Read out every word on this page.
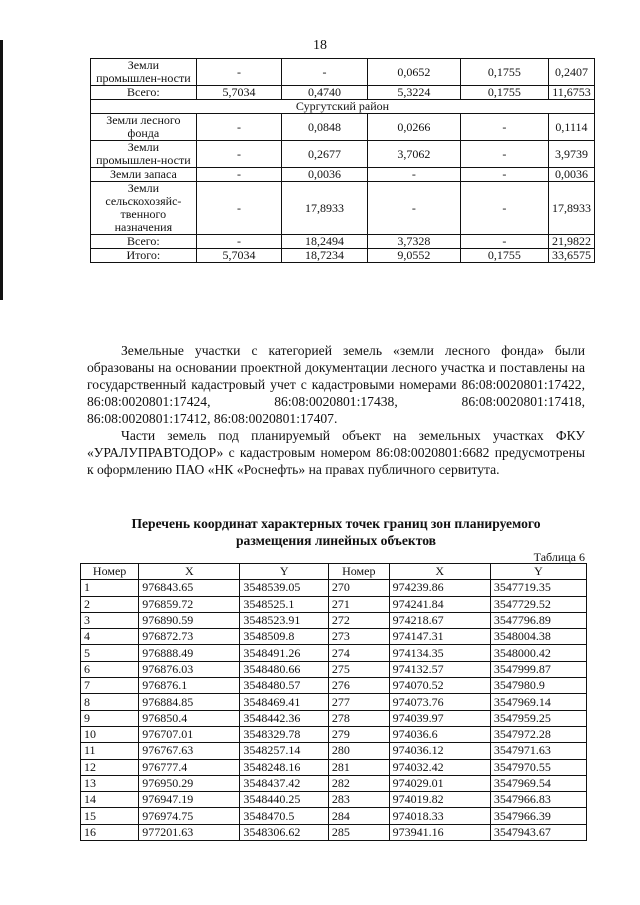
18
Земли промышлен-ности	-	-	0,0652	0,1755	0,2407
Всего:	5,7034	0,4740	5,3224	0,1755	11,6753
Сургутский район					
Земли лесного фонда	-	0,0848	0,0266	-	0,1114
Земли промышлен-ности	-	0,2677	3,7062	-	3,9739
Земли запаса	-	0,0036	-	-	0,0036
Земли сельскохозяйс-твенного назначения	-	17,8933	-	-	17,8933
Всего:	-	18,2494	3,7328	-	21,9822
Итого:	5,7034	18,7234	9,0552	0,1755	33,6575

Земельные участки с категорией земель «земли лесного фонда» были образованы на основании проектной документации лесного участка и поставлены на государственный кадастровый учет с кадастровыми номерами 86:08:0020801:17422, 86:08:0020801:17424, 86:08:0020801:17438, 86:08:0020801:17418, 86:08:0020801:17412, 86:08:0020801:17407.

Части земель под планируемый объект на земельных участках ФКУ «УРАЛУПРАВТОДОР» с кадастровым номером 86:08:0020801:6682 предусмотрены к оформлению ПАО «НК «Роснефть» на правах публичного сервитута.

Перечень координат характерных точек границ зон планируемого
размещения линейных объектов
Таблица 6
Номер	X	Y	Номер	X	Y
1	976843.65	3548539.05	270	974239.86	3547719.35
2	976859.72	3548525.1	271	974241.84	3547729.52
3	976890.59	3548523.91	272	974218.67	3547796.89
4	976872.73	3548509.8	273	974147.31	3548004.38
5	976888.49	3548491.26	274	974134.35	3548000.42
6	976876.03	3548480.66	275	974132.57	3547999.87
7	976876.1	3548480.57	276	974070.52	3547980.9
8	976884.85	3548469.41	277	974073.76	3547969.14
9	976850.4	3548442.36	278	974039.97	3547959.25
10	976707.01	3548329.78	279	974036.6	3547972.28
11	976767.63	3548257.14	280	974036.12	3547971.63
12	976777.4	3548248.16	281	974032.42	3547970.55
13	976950.29	3548437.42	282	974029.01	3547969.54
14	976947.19	3548440.25	283	974019.82	3547966.83
15	976974.75	3548470.5	284	974018.33	3547966.39
16	977201.63	3548306.62	285	973941.16	3547943.67
